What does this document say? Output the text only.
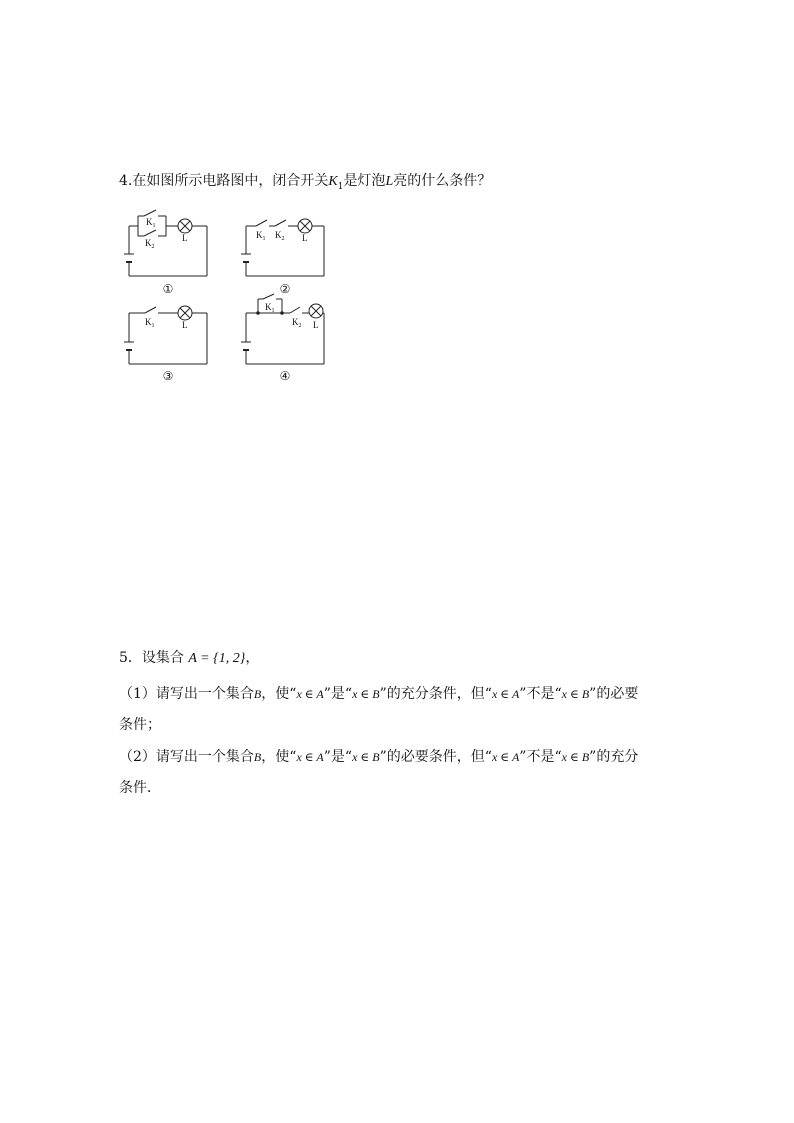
4.在如图所示电路图中，闭合开关$K_1$是灯泡L亮的什么条件？
$K_1$
$K_2$
L	$K_1$ $K_2$ L
$K_1$	L
$K_1$
$K_2$ L
①	②
③	④
5．设集合 A = {1, 2}，
（1）请写出一个集合B，使“x ∈ A”是“x ∈ B”的充分条件，但“x ∈ A”不是“x ∈ B”的必要
条件；
（2）请写出一个集合B，使“x ∈ A”是“x ∈ B”的必要条件，但“x ∈ A”不是“x ∈ B”的充分
条件．
